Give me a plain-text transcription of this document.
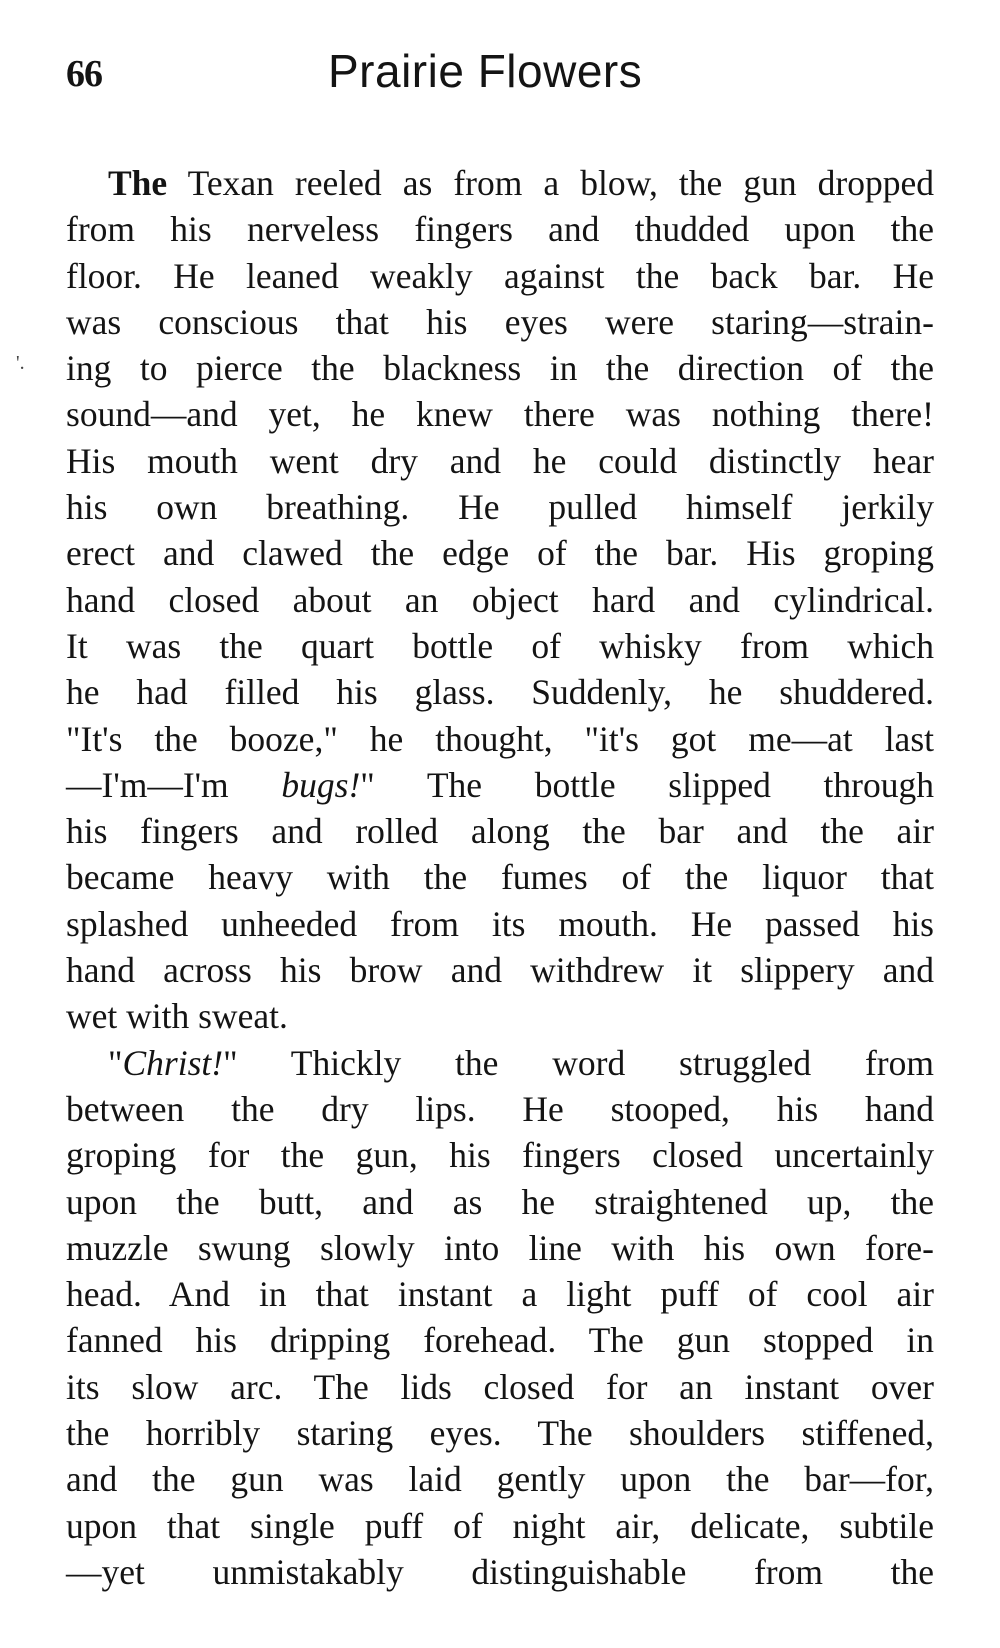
'.
66	Prairie Flowers
The Texan reeled as from a blow, the gun dropped
from his nerveless fingers and thudded upon the
floor. He leaned weakly against the back bar. He
was conscious that his eyes were staring—strain-
ing to pierce the blackness in the direction of the
sound—and yet, he knew there was nothing there!
His mouth went dry and he could distinctly hear
his own breathing. He pulled himself jerkily
erect and clawed the edge of the bar. His groping
hand closed about an object hard and cylindrical.
It was the quart bottle of whisky from which
he had filled his glass. Suddenly, he shuddered.
"It's the booze," he thought, "it's got me—at last
—I'm—I'm bugs!" The bottle slipped through
his fingers and rolled along the bar and the air
became heavy with the fumes of the liquor that
splashed unheeded from its mouth. He passed his
hand across his brow and withdrew it slippery and
wet with sweat.
"Christ!" Thickly the word struggled from
between the dry lips. He stooped, his hand
groping for the gun, his fingers closed uncertainly
upon the butt, and as he straightened up, the
muzzle swung slowly into line with his own fore-
head. And in that instant a light puff of cool air
fanned his dripping forehead. The gun stopped in
its slow arc. The lids closed for an instant over
the horribly staring eyes. The shoulders stiffened,
and the gun was laid gently upon the bar—for,
upon that single puff of night air, delicate, subtile
—yet unmistakably distinguishable from the
